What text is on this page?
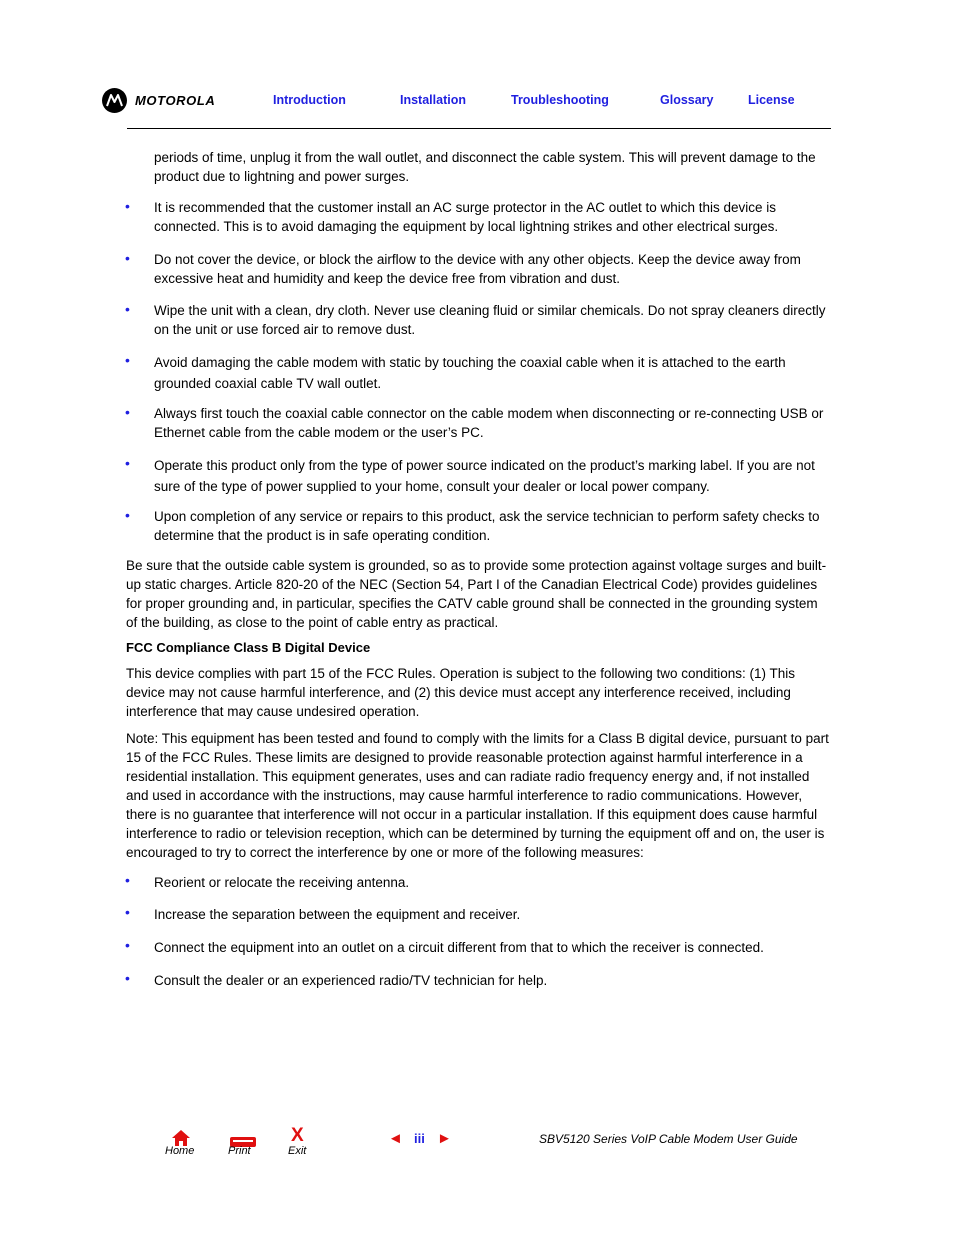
MOTOROLA	Introduction	Installation	Troubleshooting	Glossary	License
periods of time, unplug it from the wall outlet, and disconnect the cable system. This will prevent damage to the product due to lightning and power surges.
• It is recommended that the customer install an AC surge protector in the AC outlet to which this device is connected. This is to avoid damaging the equipment by local lightning strikes and other electrical surges.
• Do not cover the device, or block the airflow to the device with any other objects. Keep the device away from excessive heat and humidity and keep the device free from vibration and dust.
• Wipe the unit with a clean, dry cloth. Never use cleaning fluid or similar chemicals. Do not spray cleaners directly on the unit or use forced air to remove dust.
• Avoid damaging the cable modem with static by touching the coaxial cable when it is attached to the earth grounded coaxial cable TV wall outlet.
• Always first touch the coaxial cable connector on the cable modem when disconnecting or re-connecting USB or Ethernet cable from the cable modem or the user’s PC.
• Operate this product only from the type of power source indicated on the product’s marking label. If you are not sure of the type of power supplied to your home, consult your dealer or local power company.
• Upon completion of any service or repairs to this product, ask the service technician to perform safety checks to determine that the product is in safe operating condition.
Be sure that the outside cable system is grounded, so as to provide some protection against voltage surges and built-up static charges. Article 820-20 of the NEC (Section 54, Part I of the Canadian Electrical Code) provides guidelines for proper grounding and, in particular, specifies the CATV cable ground shall be connected in the grounding system of the building, as close to the point of cable entry as practical.
FCC Compliance Class B Digital Device
This device complies with part 15 of the FCC Rules. Operation is subject to the following two conditions: (1) This device may not cause harmful interference, and (2) this device must accept any interference received, including interference that may cause undesired operation.
Note: This equipment has been tested and found to comply with the limits for a Class B digital device, pursuant to part 15 of the FCC Rules. These limits are designed to provide reasonable protection against harmful interference in a residential installation. This equipment generates, uses and can radiate radio frequency energy and, if not installed and used in accordance with the instructions, may cause harmful interference to radio communications. However, there is no guarantee that interference will not occur in a particular installation. If this equipment does cause harmful interference to radio or television reception, which can be determined by turning the equipment off and on, the user is encouraged to try to correct the interference by one or more of the following measures:
• Reorient or relocate the receiving antenna.
• Increase the separation between the equipment and receiver.
• Connect the equipment into an outlet on a circuit different from that to which the receiver is connected.
• Consult the dealer or an experienced radio/TV technician for help.
Home	Print
X
Exit
◄ iii ►	SBV5120 Series VoIP Cable Modem User Guide
